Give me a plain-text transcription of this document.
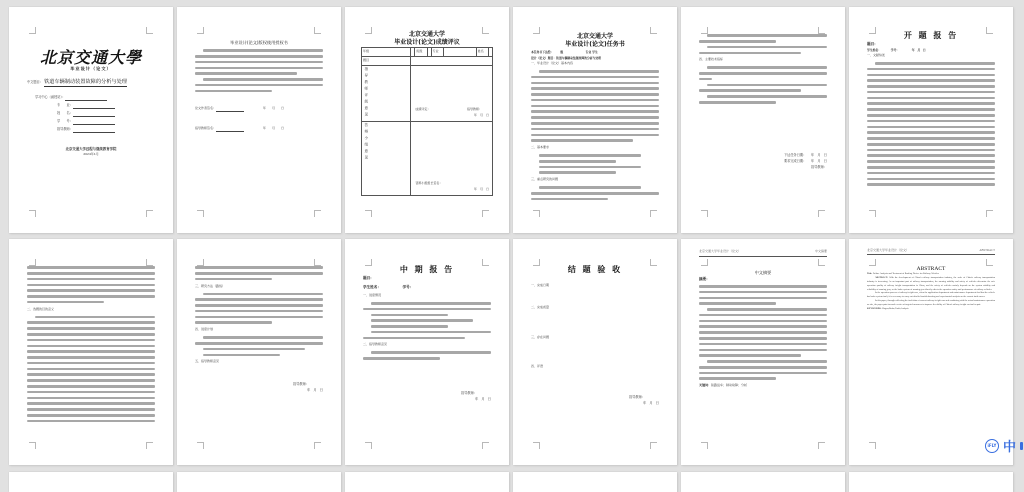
北京交通大學
毕业设计（论文）
中文题目： 铁道车辆制动装置故障的分析与处理
学习中心（函授站）：
专　　业：
姓　　名：
学　　号：
指导教师：
北京交通大学远程与继续教育学院
2024年1月
毕业设计(论文)版权使用授权书
论文作者签名：	年　　月　　日
指导教师签名：	年　　月　　日
北京交通大学
毕业设计(论文)成绩评议
年级		班级		专业		姓名	
题目							
指导教师评阅意见	成绩评定： 指导教师：
年　月　日						

答辩小组意见	答辩小组组长签名：
年　月　日						
北京交通大学
毕业设计(论文)任务书
本任务书下达给：　　　级　　　　　　　　专业 学生
设计（论文）题目：铁道车辆制动装置故障的分析与处理
一、毕业设计（论文）基本内容
二、基本要求
三、重点研究的问题
四、主要技术指标
下达任务日期：　　年　月　日
要求完成日期：　　年　月　日
指导教师：
开 题 报 告
题目：
学生姓名：　　　　学号：　　　　　年　月　日
一、文献综述
二、选题的目的意义
三、研究方法（路线）
四、进度计划
五、指导教师意见
指导教师：
年　月　日
中 期 报 告
题目：
学生姓名：　　　　　　学号：
一、进度情况
二、指导教师意见
指导教师：
年　月　日
结 题 验 收
一、完成日期
二、完成质量
三、存在问题
四、评语
指导教师：
年　月　日
北京交通大学毕业设计（论文）	中文摘要
中文摘要
摘要：
关键词：铁路货车；制动故障；分析
北京交通大学毕业设计（论文）	ABSTRACT
ABSTRACT
Title: Failure Analysis and Treatment of Braking Device for Railway Vehicles
ABSTRACT: With the development of China's railway transportation industry, the scale of China's railway transportation industry is increasing. As an important part of railway transportation, the running stability and safety of vehicles determine the safe operation quality of railway freight transportation in China, and the safety of vehicles mainly depends on the system stability and reliability of running gear, so the brake system of running gear directly affects the operation safety and performance of railway vehicles.
In the operation process of railway freight cars, when the application department and maintenance department find that the vehicle has brake system fault, it is necessary to carry out detailed troubleshooting and experimental analysis on the current fault causes.
In this paper, through collecting the fault data of current railway freight cars and combining with the actual maintenance operation on site, the paper puts forward a series of targeted measures to improve the ability of China's railway freight car fault repair.
KEYWORDS: Wagon;Brake;Fault;Analysis
iFLY 中
